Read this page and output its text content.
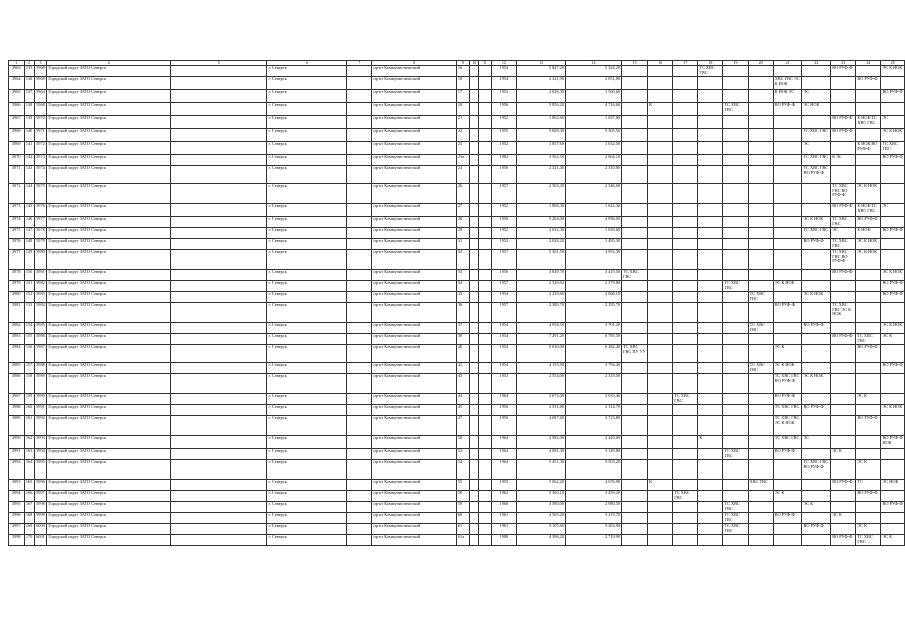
1	2	3	4	5	6	7	8	9	10	11	12	13	14	15	16	17	18	19	20	21	22	23	24	25
3963	135	5968	Городской округ ЗАТО Северск		г. Северск		пр-кт Коммунистический	16			1954	5 847,20	5 324,20				ТС ХВС ГВС					ВО РУФ-Ф		ЭС К НОК
3964	136	5969	Городской округ ЗАТО Северск		г. Северск		пр-кт Коммунистический	18			1954	2 321,90	2 051,80							ХВС ГВС ЭС К НОК			ВО РУФ-Ф	
3965	137	5964	Городской округ ЗАТО Северск		г. Северск		пр-кт Коммунистический	17			1952	2 026,30	1 560,60							К НОК ТС	ЭС			ВО РУФ-Ф
3966	138	5968	Городской округ ЗАТО Северск		г. Северск		пр-кт Коммунистический	20			1956	5 856,20	4 716,60		К			ТС ХВС ГВС		ВО РУФ-Ф	ЭС НОК			
3967	139	5970	Городской округ ЗАТО Северск		г. Северск		пр-кт Коммунистический	21			1952	1 862,60	1 637,80									ВО РУФ-Ф	К НОК ТС ХВС ГВС	ЭС
3968	140	5971	Городской округ ЗАТО Северск		г. Северск		пр-кт Коммунистический	22			1955	5 669,30	5 305,50								ТС ХВС ГВС	ВО РУФ-Ф		ЭС К НОК
3969	141	5972	Городской округ ЗАТО Северск		г. Северск		пр-кт Коммунистический	23			1952	1 857,60	1 632,00								ЭС		К НОК ВО РУФ-Ф	ТС ХВС ГВС
3970	142	5973	Городской округ ЗАТО Северск		г. Северск		пр-кт Коммунистический	23а			1982	3 562,50	2 664,10								ТС ХВС ГВС	К ЭС		ВО РУФ-Ф
3971	143	5974	Городской округ ЗАТО Северск		г. Северск		пр-кт Коммунистический	24			1956	2 321,40	2 310,80								ТС ХВС ГВС НО РУФ-Ф			
3972	144	5975	Городской округ ЗАТО Северск		г. Северск		пр-кт Коммунистический	26			1957	2 563,30	2 346,60									ТС ХВС ГВС ВО РУФ-Ф	ЭС К НОК	
3973	145	5976	Городской округ ЗАТО Северск		г. Северск		пр-кт Коммунистический	27			1952	1 866,30	1 642,30									ВО РУФ-Ф	К НОК ТС ХВС ГВС	ЭС
3974	146	5977	Городской округ ЗАТО Северск		г. Северск		пр-кт Коммунистический	28			1956	5 204,00	4 836,00								ЭС К НОК	ТС ХВС ГВС	ВО РУФ-Ф	
3975	147	5978	Городской округ ЗАТО Северск		г. Северск		пр-кт Коммунистический	29			1952	2 022,30	1 639,60								ТС ХВС ГВС	ЭС	К НОК	ВО РУФ-Ф
3976	148	5979	Городской округ ЗАТО Северск		г. Северск		пр-кт Коммунистический	31			1952	2 028,20	1 495,30								ВО РУФ-Ф	ТС ХВС ГВС	ЭС К НОК	
3977	149	5980	Городской округ ЗАТО Северск		г. Северск		пр-кт Коммунистический	32			1957	5 301,50	4 952,30									ТС ХВС ГВС ВО РУФ-Ф	ЭС К НОК	
3978	150	5981	Городской округ ЗАТО Северск		г. Северск		пр-кт Коммунистический	33			1956	3 849,70	3 419,50	ТС ХВС ГВС								ВО РУФ-Ф		ЭС К НОК
3979	151	5982	Городской округ ЗАТО Северск		г. Северск		пр-кт Коммунистический	34			1957	2 520,02	2 379,80					ТС ХВС ГВС		ЭС К НОК				ВО РУФ-Ф
3980	152	5983	Городской округ ЗАТО Северск		г. Северск		пр-кт Коммунистический	35			1954	2 239,60	2 066,10						ТС ХВС ГВС		ЭС К НОК			ВО РУФ-Ф
3981	153	5984	Городской округ ЗАТО Северск		г. Северск		пр-кт Коммунистический	36			1957	2 389,70	2 195,70							ВО РУФ-Ф		ТС ХВС ГВС ЭС К НОК		
3982	154	5985	Городской округ ЗАТО Северск		г. Северск		пр-кт Коммунистический	37			1954	4 058,50	3 701,20						ТС ХВС ГВС		ВО РУФ-Ф			ЭС К НОК
3983	155	5986	Городской округ ЗАТО Северск		г. Северск		пр-кт Коммунистический	39			1954	7 291,20	6 785,50									ВО РУФ-Ф	ТС ХВС ГВС	ЭС К
3984	156	5987	Городской округ ЗАТО Северск		г. Северск		пр-кт Коммунистический	40			1954	9 630,00	6 282,40	ТС ХВС ГВС ПУ УУ						ЭС К			ВО РУФ-Ф	
3985	157	5988	Городской округ ЗАТО Северск		г. Северск		пр-кт Коммунистический	41			1954	4 155,90	3 794,40						ТС ХВС ГВС	ЭС К НОК				ВО РУФ-Ф
3986	158	5989	Городской округ ЗАТО Северск		г. Северск		пр-кт Коммунистический	43			1953	2 554,00	2 318,00							ТС ХВС ГВС ВО РУФ-Ф	ЭС К НОК			
3987	159	5990	Городской округ ЗАТО Северск		г. Северск		пр-кт Коммунистический	44			1964	3 672,00	3 033,46			ТС ХВС ГВС				ВО РУФ-Ф			ЭС К	
3988	160	5991	Городской округ ЗАТО Северск		г. Северск		пр-кт Коммунистический	45			1956	2 531,80	2 314,70							ТС ХВС ГВС	ВО РУФ-Ф			ЭС К НОК
3989	161	5992	Городской округ ЗАТО Северск		г. Северск		пр-кт Коммунистический	47			1956	4 087,60	3 723,80							ТС ХВС ГВС ЭС К НОК			ВО РУФ-Ф	
3990	162	5993	Городской округ ЗАТО Северск		г. Северск		пр-кт Коммунистический	50			1964	2 982,00	2 420,00				К			ТС ХВС ГВС	ЭС			ВО РУФ-Ф НОК
3991	163	5994	Городской округ ЗАТО Северск		г. Северск		пр-кт Коммунистический	52			1964	4 081,30	3 149,80					ТС ХВС ГВС		ВО РУФ-Ф		ЭС К		
3992	164	5995	Городской округ ЗАТО Северск		г. Северск		пр-кт Коммунистический	54			1964	5 451,30	3 503,20								ТС ХВС ГВС ВО РУФ-Ф		ЭС К	
3993	165	5996	Городской округ ЗАТО Северск		г. Северск		пр-кт Коммунистический	55			1955	5 062,20	4 676,90		К				ХВС ГВС			ВО РУФ-Ф	ТС	ЭС НОК
3994	166	5997	Городской округ ЗАТО Северск		г. Северск		пр-кт Коммунистический	58			1962	5 360,10	3 459,20			ТС ХВС ГВС				ЭС К			ВО РУФ-Ф	
3995	167	5998	Городской округ ЗАТО Северск		г. Северск		пр-кт Коммунистический	59			1960	4 580,00	2 980,50					ТС ХВС ГВС			ЭС К			ВО РУФ-Ф
3996	168	5999	Городской округ ЗАТО Северск		г. Северск		пр-кт Коммунистический	60			1961	4 565,20	3 219,70					ТС ХВС ГВС		ВО РУФ-Ф		ЭС К		
3997	169	6000	Городской округ ЗАТО Северск		г. Северск		пр-кт Коммунистический	61			1961	3 105,60	3 263,90					ТС ХВС ГВС			ВО РУФ-Ф		ЭС К	
3998	170	6001	Городской округ ЗАТО Северск		г. Северск		пр-кт Коммунистический	61а			1980	4 396,20	2 719,90									ВО РУФ-Ф	ТС ХВС ГВС	ЭС К
